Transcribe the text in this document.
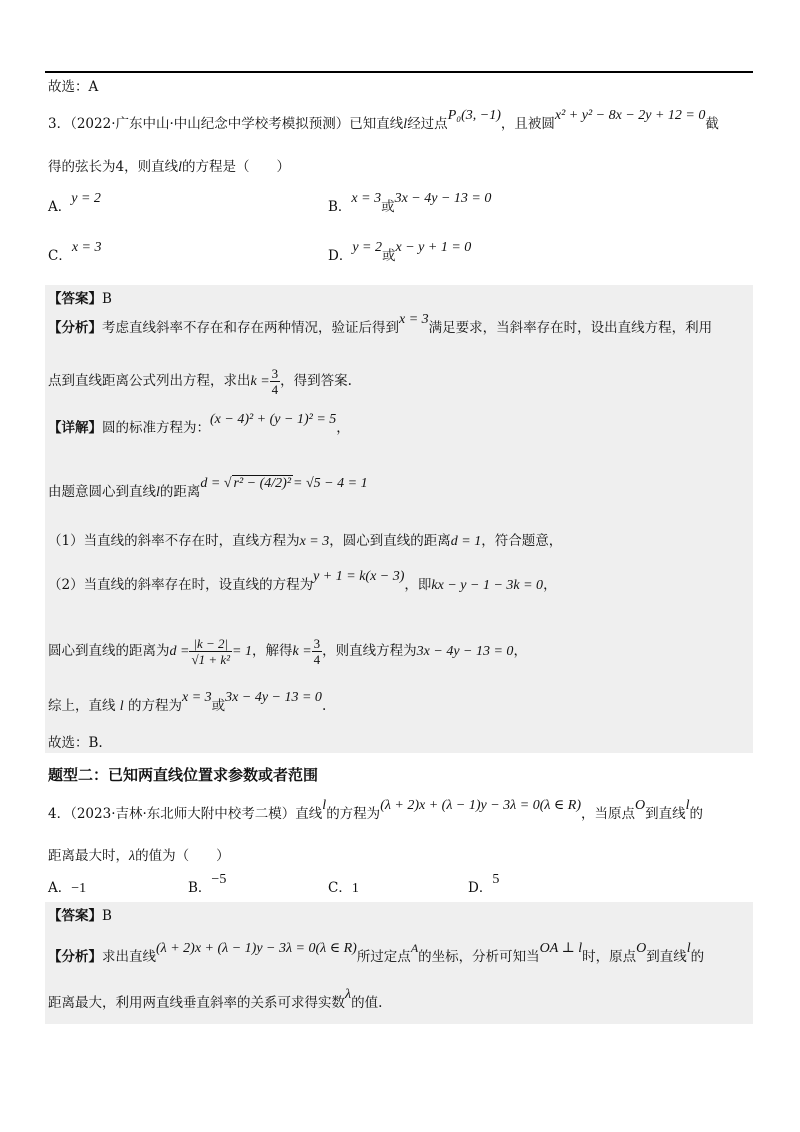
故选：A
3．（2022·广东中山·中山纪念中学校考模拟预测）已知直线l经过点P₀(3, −1)，且被圆x² + y² − 8x − 2y + 12 = 0截
得的弦长为4，则直线l的方程是（　　）
A．y = 2
B．x = 3或3x − 4y − 13 = 0
C．x = 3
D．y = 2或x − y + 1 = 0
【答案】B
【分析】考虑直线斜率不存在和存在两种情况，验证后得到x = 3满足要求，当斜率存在时，设出直线方程，利用
点到直线距离公式列出方程，求出$k = \frac{3}{4}$ ，得到答案.
【详解】圆的标准方程为：(x − 4)² + (y − 1)² = 5，
由题意圆心到直线l的距离d = √ r² − (4/2)² = √5 − 4 = 1
（1）当直线的斜率不存在时，直线方程为x = 3，圆心到直线的距离d = 1，符合题意，
（2）当直线的斜率存在时，设直线的方程为y + 1 = k(x − 3)，即kx − y − 1 − 3k = 0，
圆心到直线的距离为$d = \frac{|k - 2|}{\text{√1 + k²}} = 1$，解得$k = \frac{3}{4}$ ，则直线方程为3x − 4y − 13 = 0，
综上，直线 l 的方程为x = 3或3x − 4y − 13 = 0.
故选：B.
题型二：已知两直线位置求参数或者范围
4．（2023·吉林·东北师大附中校考二模）直线l的方程为(λ + 2)x + (λ − 1)y − 3λ = 0(λ ∈ R)，当原点O到直线l的
距离最大时，λ的值为（　　）
A．−1	B．−5
C．1	D．5
【答案】B
【分析】求出直线(λ + 2)x + (λ − 1)y − 3λ = 0(λ ∈ R)所过定点A的坐标，分析可知当OA ⊥ l时，原点O到直线l的
距离最大，利用两直线垂直斜率的关系可求得实数λ的值.
